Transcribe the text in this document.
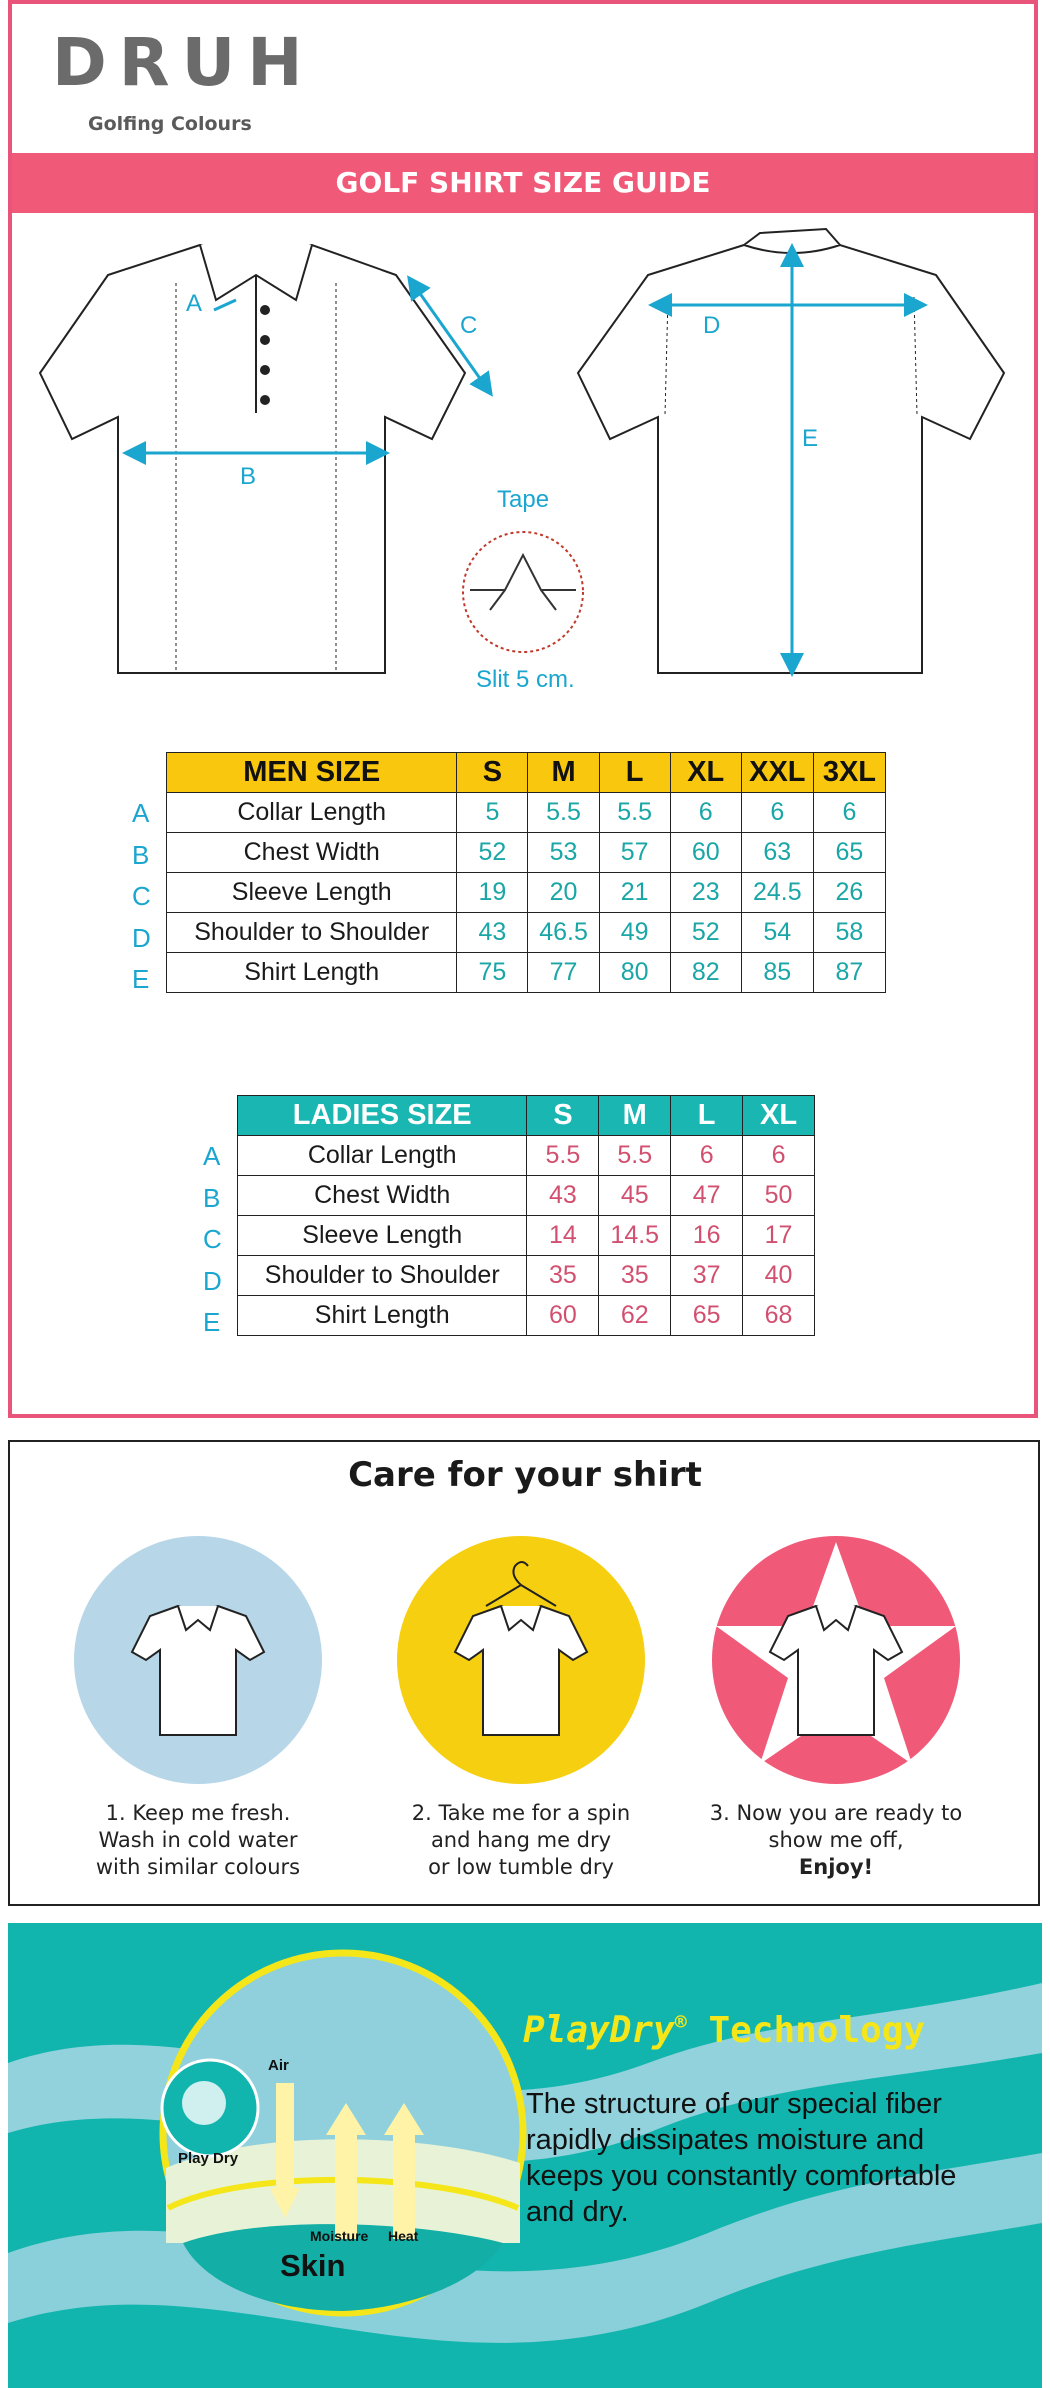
DRUH
Golfing Colours
GOLF SHIRT SIZE GUIDE
A
B
C	D
E
Tape
Slit 5 cm.
A
B
C
D
E
MEN SIZE	S	M	L	XL	XXL	3XL
Collar Length	5	5.5	5.5	6	6	6
Chest Width	52	53	57	60	63	65
Sleeve Length	19	20	21	23	24.5	26
Shoulder to Shoulder	43	46.5	49	52	54	58
Shirt Length	75	77	80	82	85	87
A
B
C
D
E
LADIES SIZE	S	M	L	XL
Collar Length	5.5	5.5	6	6
Chest Width	43	45	47	50
Sleeve Length	14	14.5	16	17
Shoulder to Shoulder	35	35	37	40
Shirt Length	60	62	65	68
Care for your shirt
1. Keep me fresh.
Wash in cold water
with similar colours
2. Take me for a spin
and hang me dry
or low tumble dry
3. Now you are ready to
show me off,
Enjoy!
Air
Play Dry
Moisture Heat
Skin
PlayDry® Technology
The structure of our special fiber rapidly dissipates moisture and keeps you constantly comfortable and dry.
